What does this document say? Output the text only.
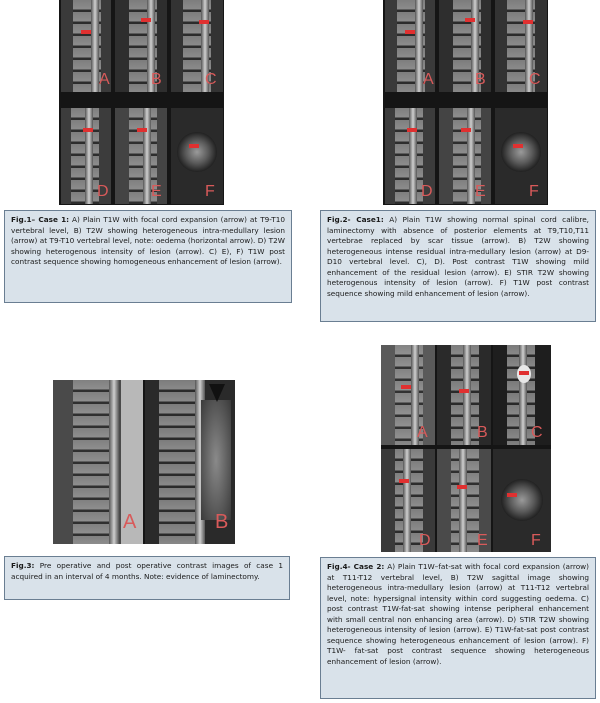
A	B	C
D	E	F
Fig.1– Case 1: A) Plain T1W with focal cord expansion (arrow) at T9-T10 vertebral level, B) T2W showing heterogeneous intra-medullary lesion (arrow) at T9-T10 vertebral level, note: oedema (horizontal arrow). D) T2W showing heterogenous intensity of lesion (arrow). C) E), F) T1W post contrast sequence showing homogeneous enhancement of lesion (arrow).
A	B	C
D	E	F
Fig.2- Case1: A) Plain T1W showing normal spinal cord calibre, laminectomy with absence of posterior elements at T9,T10,T11 vertebrae replaced by scar tissue (arrow). B) T2W showing heterogeneous intense residual intra-medullary lesion (arrow) at D9-D10 vertebral level. C), D). Post contrast T1W showing mild enhancement of the residual lesion (arrow). E) STIR T2W showing heterogenous intensity of lesion (arrow). F) T1W post contrast sequence showing mild enhancement of lesion (arrow).
A	B
Fig.3: Pre operative and post operative contrast images of case 1 acquired in an interval of 4 months. Note: evidence of laminectomy.
A	B	C
D	E	F
Fig.4- Case 2: A) Plain T1W–fat-sat with focal cord expansion (arrow) at T11-T12 vertebral level, B) T2W sagittal image showing heterogeneous intra-medullary lesion (arrow) at T11-T12 vertebral level, note: hypersignal intensity within cord suggesting oedema. C) post contrast T1W-fat-sat showing intense peripheral enhancement with small central non enhancing area (arrow). D) STIR T2W showing heterogeneous intensity of lesion (arrow). E) T1W-fat-sat post contrast sequence showing heterogeneous enhancement of lesion (arrow). F) T1W- fat-sat post contrast sequence showing heterogeneous enhancement of lesion (arrow).
